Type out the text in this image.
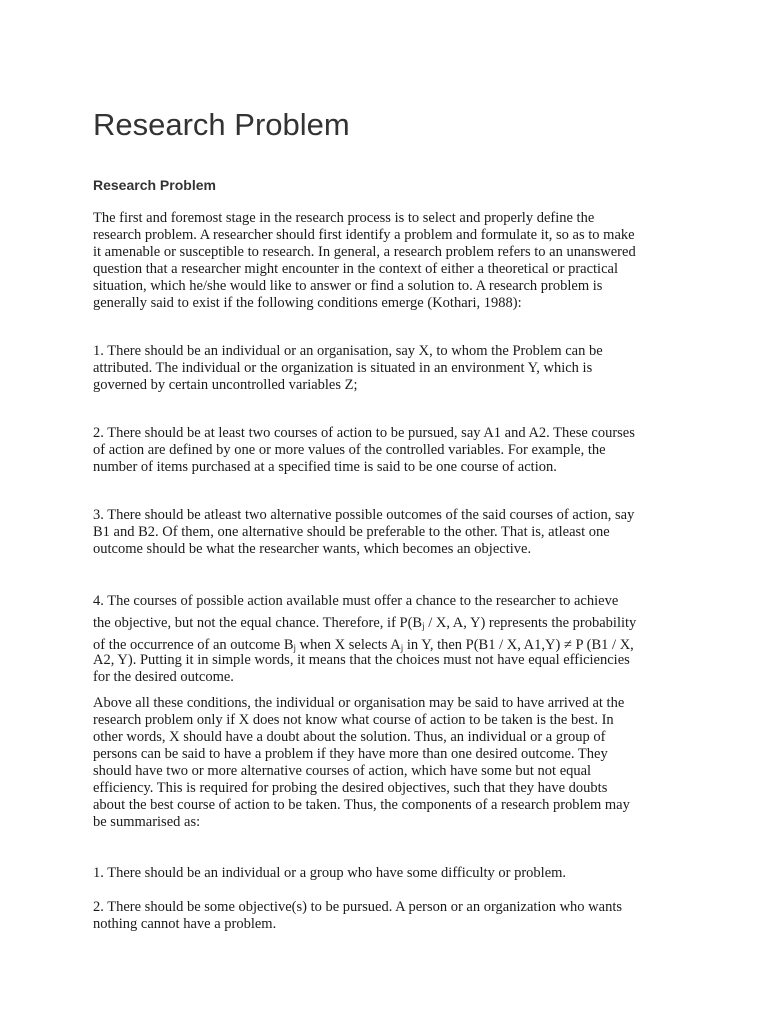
Research Problem
Research Problem

The first and foremost stage in the research process is to select and properly define the
research problem. A researcher should first identify a problem and formulate it, so as to make
it amenable or susceptible to research. In general, a research problem refers to an unanswered
question that a researcher might encounter in the context of either a theoretical or practical
situation, which he/she would like to answer or find a solution to. A research problem is
generally said to exist if the following conditions emerge (Kothari, 1988):

1. There should be an individual or an organisation, say X, to whom the Problem can be
attributed. The individual or the organization is situated in an environment Y, which is
governed by certain uncontrolled variables Z;

2. There should be at least two courses of action to be pursued, say A1 and A2. These courses
of action are defined by one or more values of the controlled variables. For example, the
number of items purchased at a specified time is said to be one course of action.

3. There should be atleast two alternative possible outcomes of the said courses of action, say
B1 and B2. Of them, one alternative should be preferable to the other. That is, atleast one
outcome should be what the researcher wants, which becomes an objective.

4. The courses of possible action available must offer a chance to the researcher to achieve
the objective, but not the equal chance. Therefore, if $P(B_j$ / X, A, Y) represents the probability
of the occurrence of an outcome $B_j$ when X selects $A_j$ in Y, then P(B1 / X, A1,Y) ≠ P (B1 / X,
A2, Y). Putting it in simple words, it means that the choices must not have equal efficiencies
for the desired outcome.

Above all these conditions, the individual or organisation may be said to have arrived at the
research problem only if X does not know what course of action to be taken is the best. In
other words, X should have a doubt about the solution. Thus, an individual or a group of
persons can be said to have a problem if they have more than one desired outcome. They
should have two or more alternative courses of action, which have some but not equal
efficiency. This is required for probing the desired objectives, such that they have doubts
about the best course of action to be taken. Thus, the components of a research problem may
be summarised as:

1. There should be an individual or a group who have some difficulty or problem.

2. There should be some objective(s) to be pursued. A person or an organization who wants
nothing cannot have a problem.
